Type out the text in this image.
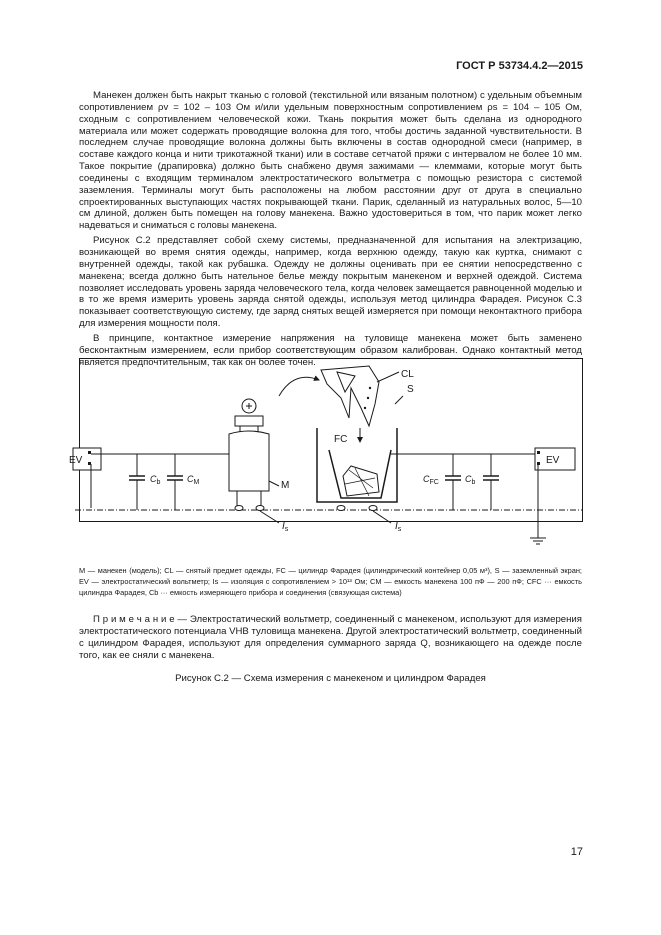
ГОСТ Р 53734.4.2—2015

Манекен должен быть накрыт тканью с головой (текстильной или вязаным полотном) с удельным объемным сопротивлением ρv = 102 – 103 Ом и/или удельным поверхностным сопротивлением ρs = 104 – 105 Ом, сходным с сопротивлением человеческой кожи. Ткань покрытия может быть сделана из однородного материала или может содержать проводящие волокна для того, чтобы достичь заданной чувствительности. В последнем случае проводящие волокна должны быть включены в состав однородной смеси (например, в составе каждого конца и нити трикотажной ткани) или в составе сетчатой пряжи с интервалом не более 10 мм. Такое покрытие (драпировка) должно быть снабжено двумя зажимами — клеммами, которые могут быть соединены с входящим терминалом электростатического вольтметра с помощью резистора с системой заземления. Терминалы могут быть расположены на любом расстоянии друг от друга в специально спроектированных выступающих частях покрывающей ткани. Парик, сделанный из натуральных волос, 5—10 см длиной, должен быть помещен на голову манекена. Важно удостовериться в том, что парик может легко надеваться и сниматься с головы манекена.

Рисунок С.2 представляет собой схему системы, предназначенной для испытания на электризацию, возникающей во время снятия одежды, например, когда верхнюю одежду, такую как куртка, снимают с внутренней одежды, такой как рубашка. Одежду не должны оценивать при ее снятии непосредственно с манекена; всегда должно быть нательное белье между покрытым манекеном и верхней одеждой. Система позволяет исследовать уровень заряда человеческого тела, когда человек замещается равноценной моделью и в то же время измерить уровень заряда снятой одежды, используя метод цилиндра Фарадея. Рисунок С.3 показывает соответствующую систему, где заряд снятых вещей измеряется при помощи неконтактного прибора для измерения мощности поля.

В принципе, контактное измерение напряжения на туловище манекена может быть заменено бесконтактным измерением, если прибор соответствующим образом калиброван. Однако контактный метод является предпочтительным, так как он более точен.

EV
$C_b$	$C_M$	M
$I_s$
CL
S
FC
$I_s$
$C_{FC}$	$C_b$
EV
M — манекен (модель); CL — снятый предмет одежды, FC — цилиндр Фарадея (цилиндрический контейнер 0,05 м³), S — заземленный экран; EV — электростатический вольтметр; Is — изоляция с сопротивлением > 10¹³ Ом; CM — емкость манекена 100 пФ — 200 пФ; CFC ··· емкость цилиндра Фарадея, Cb ··· емкость измеряющего прибора и соединения (связующая система)
П р и м е ч а н и е — Электростатический вольтметр, соединенный с манекеном, используют для измерения электростатического потенциала VНВ туловища манекена. Другой электростатический вольтметр, соединенный с цилиндром Фарадея, используют для определения суммарного заряда Q, возникающего на одежде после того, как ее сняли с манекена.
Рисунок С.2 — Схема измерения с манекеном и цилиндром Фарадея
17
